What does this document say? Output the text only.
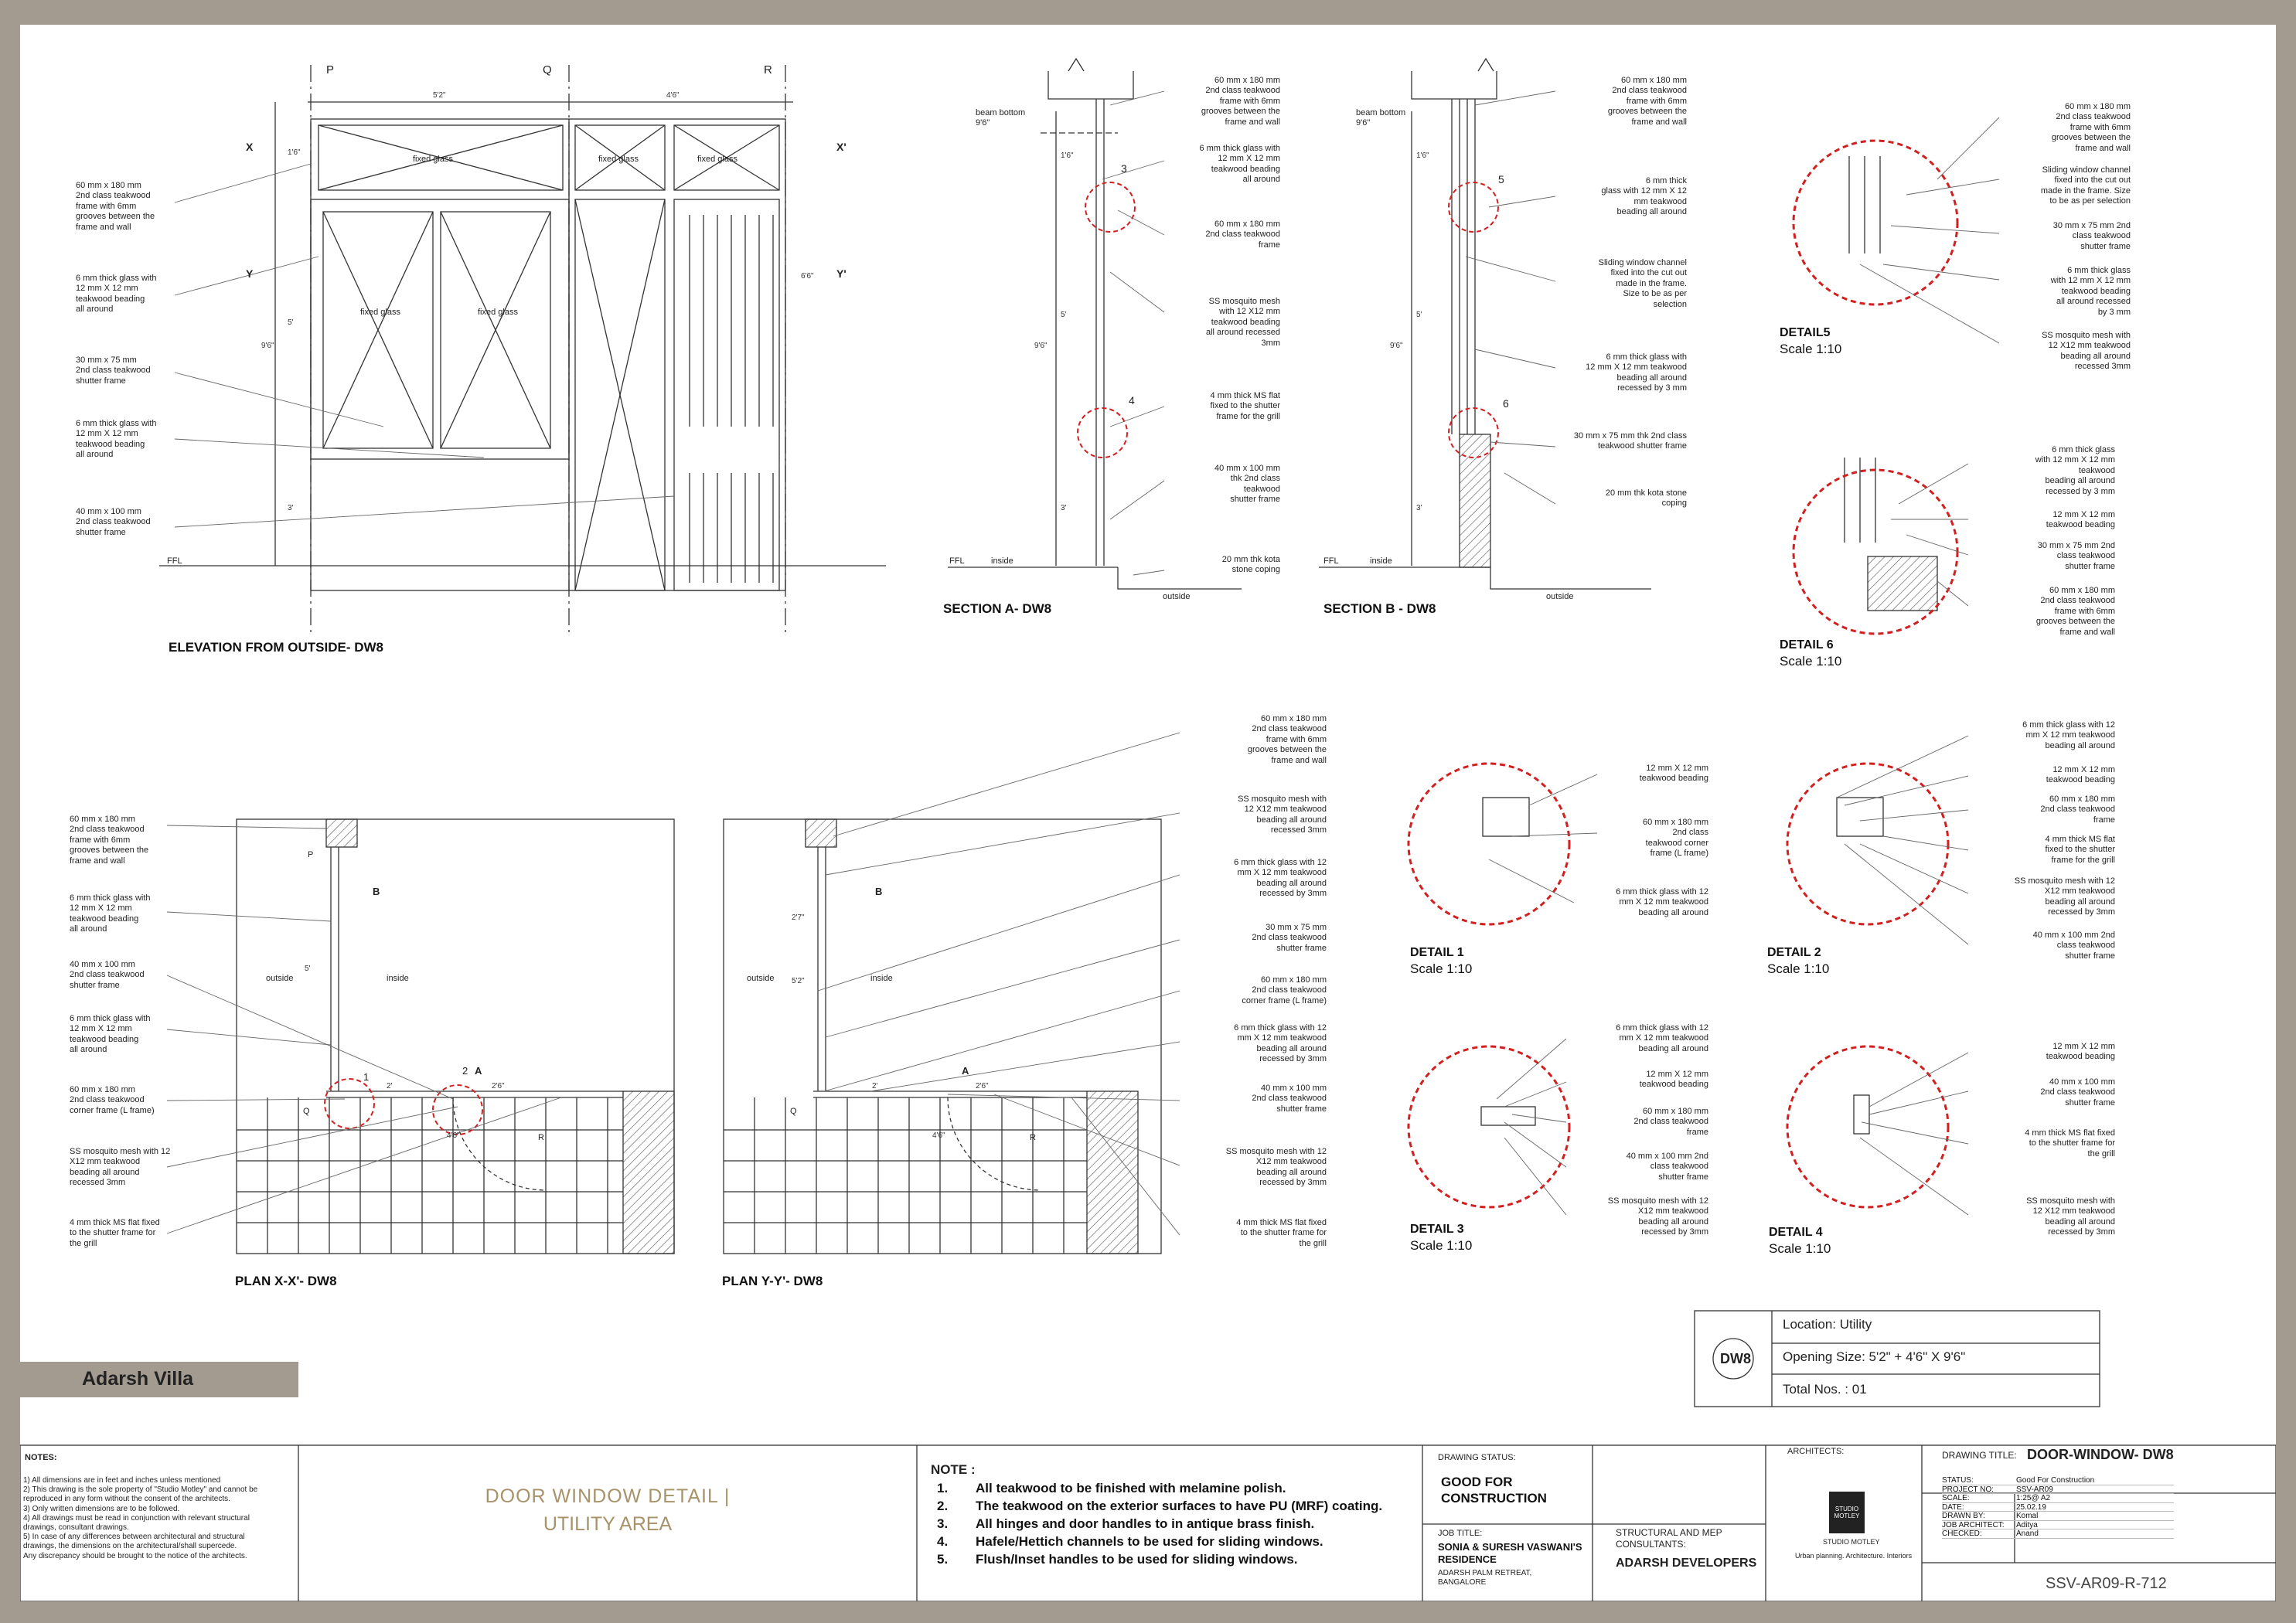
P	Q	R
5'2"	4'6"
1'6"
5'
3'
9'6"
6'6"
fixed glass	fixed glass	fixed glass
fixed glass	fixed glass
FFL
X	X'
Y	Y'
60 mm x 180 mm
2nd class teakwood
frame with 6mm
grooves between the
frame and wall
6 mm thick glass with
12 mm X 12 mm
teakwood beading
all around
30 mm x 75 mm
2nd class teakwood
shutter frame
6 mm thick glass with
12 mm X 12 mm
teakwood beading
all around
40 mm x 100 mm
2nd class teakwood
shutter frame
ELEVATION FROM OUTSIDE- DW8
beam bottom
9'6"
1'6"
5'
3'
9'6"
3
4
FFL	inside
outside
60 mm x 180 mm
2nd class teakwood
frame with 6mm
grooves between the
frame and wall
6 mm thick glass with
12 mm X 12 mm
teakwood beading
all around
60 mm x 180 mm
2nd class teakwood
frame
SS mosquito mesh
with 12 X12 mm
teakwood beading
all around recessed
3mm
4 mm thick MS flat
fixed to the shutter
frame for the grill
40 mm x 100 mm
thk 2nd class
teakwood
shutter frame
20 mm thk kota
stone coping
SECTION A- DW8
beam bottom
9'6"
1'6"
5'
3'
9'6"
5
6
FFL	inside
outside
60 mm x 180 mm
2nd class teakwood
frame with 6mm
grooves between the
frame and wall
6 mm thick
glass with 12 mm X 12
mm teakwood
beading all around
Sliding window channel
fixed into the cut out
made in the frame.
Size to be as per
selection
6 mm thick glass with
12 mm X 12 mm teakwood
beading all around
recessed by 3 mm
30 mm x 75 mm thk 2nd class
teakwood shutter frame
20 mm thk kota stone
coping
SECTION B - DW8
60 mm x 180 mm
2nd class teakwood
frame with 6mm
grooves between the
frame and wall
Sliding window channel
fixed into the cut out
made in the frame. Size
to be as per selection
30 mm x 75 mm 2nd
class teakwood
shutter frame
6 mm thick glass
with 12 mm X 12 mm
teakwood beading
all around recessed
by 3 mm
SS mosquito mesh with
12 X12 mm teakwood
beading all around
recessed 3mm
DETAIL5
Scale 1:10
6 mm thick glass
with 12 mm X 12 mm
teakwood
beading all around
recessed by 3 mm
12 mm X 12 mm
teakwood beading
30 mm x 75 mm 2nd
class teakwood
shutter frame
60 mm x 180 mm
2nd class teakwood
frame with 6mm
grooves between the
frame and wall
DETAIL 6
Scale 1:10
outside	inside
P
Q
R
1
2 A
B
5'
2'	2'6"
4'6"
60 mm x 180 mm
2nd class teakwood
frame with 6mm
grooves between the
frame and wall
6 mm thick glass with
12 mm X 12 mm
teakwood beading
all around
40 mm x 100 mm
2nd class teakwood
shutter frame
6 mm thick glass with
12 mm X 12 mm
teakwood beading
all around
60 mm x 180 mm
2nd class teakwood
corner frame (L frame)
SS mosquito mesh with 12
X12 mm teakwood
beading all around
recessed 3mm
4 mm thick MS flat fixed
to the shutter frame for
the grill
PLAN X-X'- DW8
outside	inside
Q
R
A
B
2'7"
5'2"
2'	2'6"
4'6"
60 mm x 180 mm
2nd class teakwood
frame with 6mm
grooves between the
frame and wall
SS mosquito mesh with
12 X12 mm teakwood
beading all around
recessed 3mm
6 mm thick glass with 12
mm X 12 mm teakwood
beading all around
recessed by 3mm
30 mm x 75 mm
2nd class teakwood
shutter frame
60 mm x 180 mm
2nd class teakwood
corner frame (L frame)
6 mm thick glass with 12
mm X 12 mm teakwood
beading all around
recessed by 3mm
40 mm x 100 mm
2nd class teakwood
shutter frame
SS mosquito mesh with 12
X12 mm teakwood
beading all around
recessed by 3mm
4 mm thick MS flat fixed
to the shutter frame for
the grill
PLAN Y-Y'- DW8
12 mm X 12 mm
teakwood beading
60 mm x 180 mm
2nd class
teakwood corner
frame (L frame)
6 mm thick glass with 12
mm X 12 mm teakwood
beading all around
DETAIL 1
Scale 1:10
6 mm thick glass with 12
mm X 12 mm teakwood
beading all around
12 mm X 12 mm
teakwood beading
60 mm x 180 mm
2nd class teakwood
frame
4 mm thick MS flat
fixed to the shutter
frame for the grill
SS mosquito mesh with 12
X12 mm teakwood
beading all around
recessed by 3mm
40 mm x 100 mm 2nd
class teakwood
shutter frame
DETAIL 2
Scale 1:10
6 mm thick glass with 12
mm X 12 mm teakwood
beading all around
12 mm X 12 mm
teakwood beading
60 mm x 180 mm
2nd class teakwood
frame
40 mm x 100 mm 2nd
class teakwood
shutter frame
SS mosquito mesh with 12
X12 mm teakwood
beading all around
recessed by 3mm
DETAIL 3
Scale 1:10
12 mm X 12 mm
teakwood beading
40 mm x 100 mm
2nd class teakwood
shutter frame
4 mm thick MS flat fixed
to the shutter frame for
the grill
SS mosquito mesh with
12 X12 mm teakwood
beading all around
recessed by 3mm
DETAIL 4
Scale 1:10
DW8
Location: Utility
Opening Size: 5'2" + 4'6" X 9'6"
Total Nos. : 01
Adarsh Villa
NOTES:
1) All dimensions are in feet and inches unless mentioned
2) This drawing is the sole property of "Studio Motley" and cannot be
reproduced in any form without the consent of the architects.
3) Only written dimensions are to be followed.
4) All drawings must be read in conjunction with relevant structural
drawings, consultant drawings.
5) In case of any differences between architectural and structural
drawings, the dimensions on the architectural/shall supercede.
Any discrepancy should be brought to the notice of the architects.
DOOR WINDOW DETAIL |
UTILITY AREA
NOTE :
1.	All teakwood to be finished with melamine polish.
2.	The teakwood on the exterior surfaces to have PU (MRF) coating.
3.	All hinges and door handles to in antique brass finish.
4.	Hafele/Hettich channels to be used for sliding windows.
5.	Flush/Inset handles to be used for sliding windows.
DRAWING STATUS:
GOOD FOR
CONSTRUCTION
JOB TITLE:
SONIA & SURESH VASWANI'S
RESIDENCE
ADARSH PALM RETREAT,
BANGALORE
STRUCTURAL AND MEP
CONSULTANTS:
ADARSH DEVELOPERS
ARCHITECTS:
STUDIO MOTLEY
STUDIO MOTLEY
Urban planning. Architecture. Interiors
DRAWING TITLE: DOOR-WINDOW- DW8
STATUS:	Good For Construction
PROJECT NO:	SSV-AR09
SCALE:	1:25@ A2
DATE:	25.02.19
DRAWN BY:	Komal
JOB ARCHITECT:	Aditya
CHECKED:	Anand
SSV-AR09-R-712
